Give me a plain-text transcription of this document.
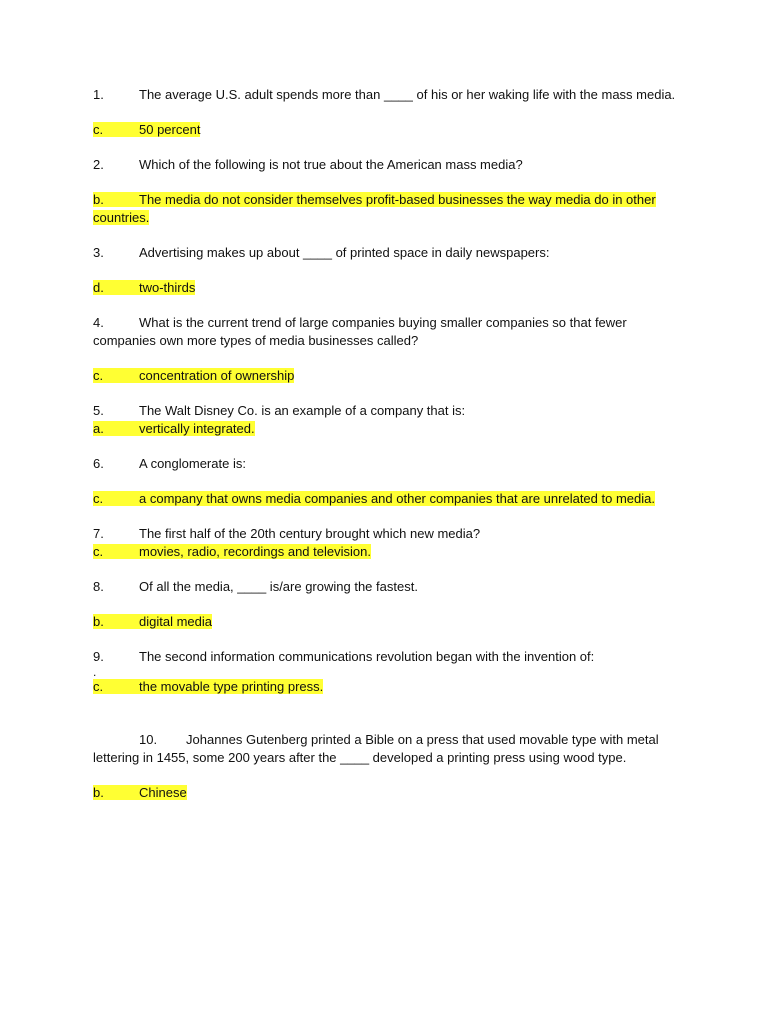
1.	The average U.S. adult spends more than ____ of his or her waking life with the mass media.

c.	50 percent

2.	Which of the following is not true about the American mass media?

b.	The media do not consider themselves profit-based businesses the way media do in other countries.

3.	Advertising makes up about ____ of printed space in daily newspapers:

d.	two-thirds

4.	What is the current trend of large companies buying smaller companies so that fewer companies own more types of media businesses called?

c.	concentration of ownership

5.	The Walt Disney Co. is an example of a company that is:

a.	vertically integrated.

6.	A conglomerate is:

c.	a company that owns media companies and other companies that are unrelated to media.

7.	The first half of the 20th century brought which new media?

c.	movies, radio, recordings and television.

8.	Of all the media, ____ is/are growing the fastest.

b.	digital media

9.	The second information communications revolution began with the invention of:

.

c.	the movable type printing press.

10. Johannes Gutenberg printed a Bible on a press that used movable type with metal lettering in 1455, some 200 years after the ____ developed a printing press using wood type.

b.	Chinese
